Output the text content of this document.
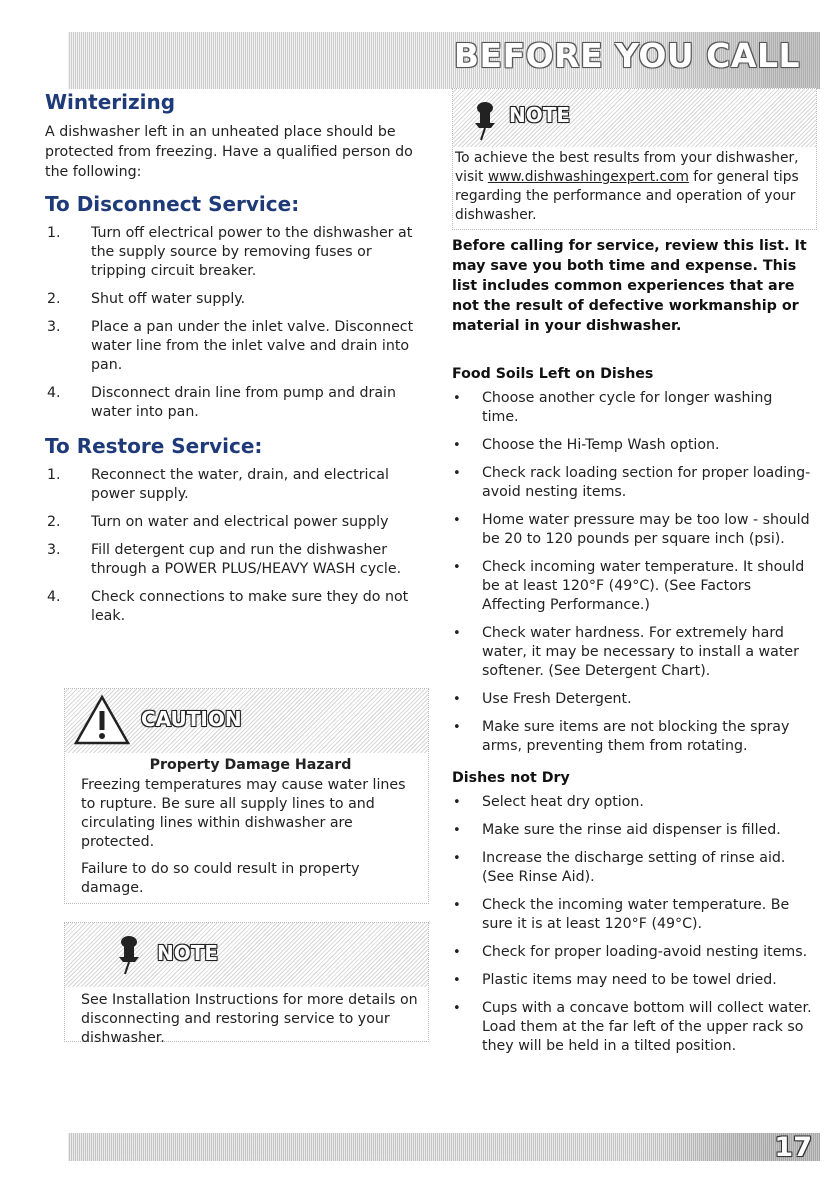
BEFORE YOU CALL
Winterizing

A dishwasher left in an unheated place should be protected from freezing. Have a qualified person do the following:

To Disconnect Service:
1. Turn off electrical power to the dishwasher at the supply source by removing fuses or tripping circuit breaker.
2. Shut off water supply.
3. Place a pan under the inlet valve. Disconnect water line from the inlet valve and drain into pan.
4. Disconnect drain line from pump and drain water into pan.
To Restore Service:
1. Reconnect the water, drain, and electrical power supply.
2. Turn on water and electrical power supply
3. Fill detergent cup and run the dishwasher through a POWER PLUS/HEAVY WASH cycle.
4. Check connections to make sure they do not leak.
CAUTION
Property Damage Hazard
Freezing temperatures may cause water lines to rupture. Be sure all supply lines to and circulating lines within dishwasher are protected.
Failure to do so could result in property damage.
NOTE
See Installation Instructions for more details on disconnecting and restoring service to your dishwasher.
NOTE
To achieve the best results from your dishwasher, visit www.dishwashingexpert.com for general tips regarding the performance and operation of your dishwasher.
Before calling for service, review this list. It may save you both time and expense. This list includes common experiences that are not the result of defective workmanship or material in your dishwasher.
Food Soils Left on Dishes
• Choose another cycle for longer washing time.
• Choose the Hi-Temp Wash option.
• Check rack loading section for proper loading-avoid nesting items.
• Home water pressure may be too low - should be 20 to 120 pounds per square inch (psi).
• Check incoming water temperature. It should be at least 120°F (49°C). (See Factors Affecting Performance.)
• Check water hardness. For extremely hard water, it may be necessary to install a water softener. (See Detergent Chart).
• Use Fresh Detergent.
• Make sure items are not blocking the spray arms, preventing them from rotating.
Dishes not Dry
• Select heat dry option.
• Make sure the rinse aid dispenser is filled.
• Increase the discharge setting of rinse aid. (See Rinse Aid).
• Check the incoming water temperature. Be sure it is at least 120°F (49°C).
• Check for proper loading-avoid nesting items.
• Plastic items may need to be towel dried.
• Cups with a concave bottom will collect water. Load them at the far left of the upper rack so they will be held in a tilted position.
17
